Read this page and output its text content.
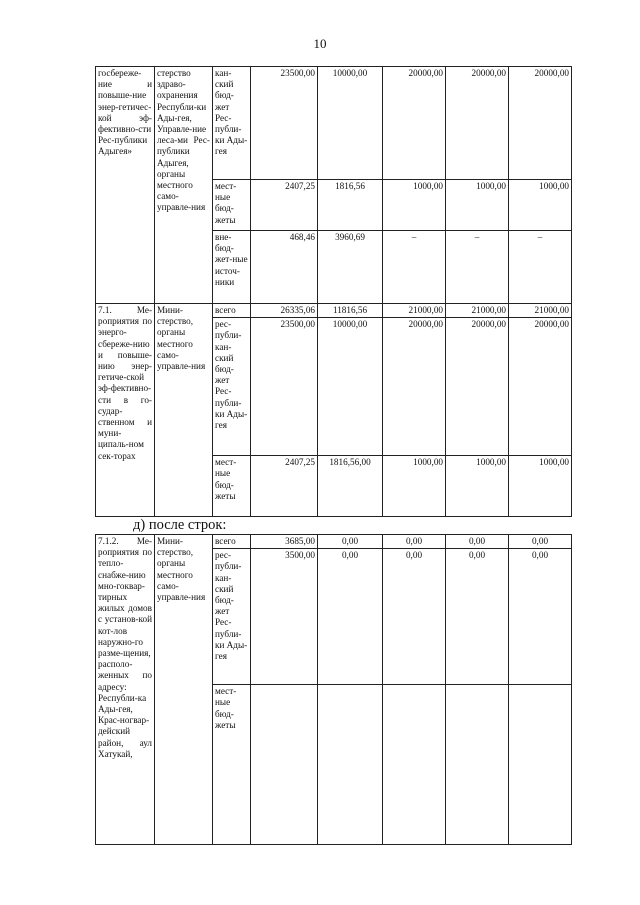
10
госбереже-ние и повыше-ние энер-гетичес-кой эф-фективно-сти Рес-публики Адыгея»	стерство здраво-охранения Республи-ки Ады-гея, Управле-ние леса-ми Рес-публики Адыгея, органы местного само-управле-ния	кан-ский бюд-жет Рес-публи-ки Ады-гея	23500,00	10000,00	20000,00	20000,00	20000,00
		мест-ные бюд-жеты	2407,25	1816,56	1000,00	1000,00	1000,00
		вне-бюд-жет-ные источ-ники	468,46	3960,69	–	–	–
7.1. Ме-роприятия по энерго-сбереже-нию и повыше-нию энер-гетиче-ской эф-фективно-сти в го-судар-ственном и муни-ципаль-ном сек-торах	Мини-стерство, органы местного само-управле-ния	всего	26335,06	11816,56	21000,00	21000,00	21000,00
		рес-публи-кан-ский бюд-жет Рес-публи-ки Ады-гея	23500,00	10000,00	20000,00	20000,00	20000,00
		мест-ные бюд-жеты	2407,25	1816,56,00	1000,00	1000,00	1000,00
д) после строк:
7.1.2. Ме-роприятия по тепло-снабже-нию мно-гоквар-тирных жилых домов с установ-кой кот-лов наружно-го разме-щения, располо-женных по адресу: Республи-ка Ады-гея, Крас-ногвар-дейский район, аул Хатукай,	Мини-стерство, органы местного само-управле-ния	всего	3685,00	0,00	0,00	0,00	0,00
		рес-публи-кан-ский бюд-жет Рес-публи-ки Ады-гея	3500,00	0,00	0,00	0,00	0,00
		мест-ные бюд-жеты					
